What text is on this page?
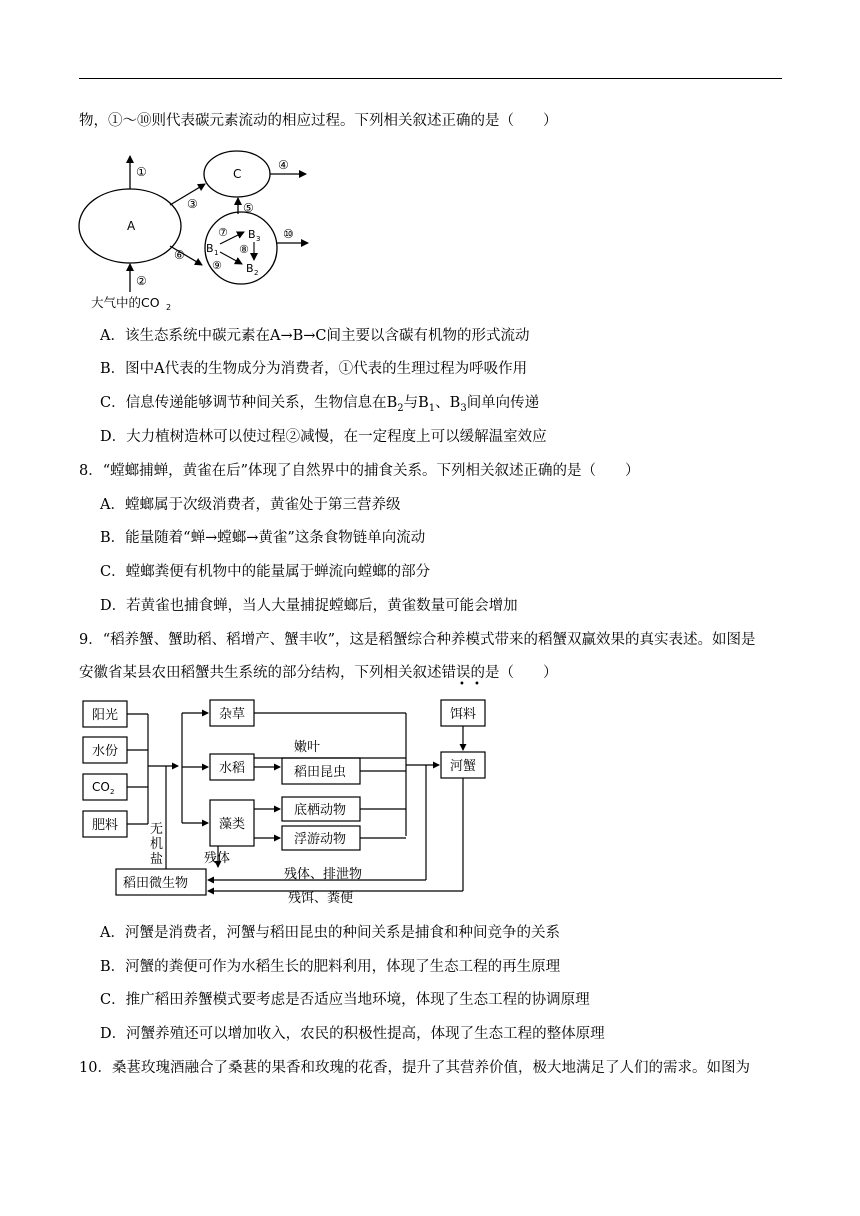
物，①～⑩则代表碳元素流动的相应过程。下列相关叙述正确的是（　　）
A
C
①
②
③
④
⑤
⑥
⑩
B 1
B 3
B 2
⑦
⑧
⑨
大气中的CO 2
A．该生态系统中碳元素在A→B→C间主要以含碳有机物的形式流动
B．图中A代表的生物成分为消费者，①代表的生理过程为呼吸作用
C．信息传递能够调节种间关系，生物信息在$B_2$与$B_1$、$B_3$间单向传递
D．大力植树造林可以使过程②减慢，在一定程度上可以缓解温室效应
8．“螳螂捕蝉，黄雀在后”体现了自然界中的捕食关系。下列相关叙述正确的是（　　）
A．螳螂属于次级消费者，黄雀处于第三营养级
B．能量随着“蝉→螳螂→黄雀”这条食物链单向流动
C．螳螂粪便有机物中的能量属于蝉流向螳螂的部分
D．若黄雀也捕食蝉，当人大量捕捉螳螂后，黄雀数量可能会增加
9．“稻养蟹、蟹助稻、稻增产、蟹丰收”，这是稻蟹综合种养模式带来的稻蟹双赢效果的真实表述。如图是
安徽省某县农田稻蟹共生系统的部分结构，下列相关叙述错误的是（　　）
• •
阳光
水份
CO 2
肥料
杂草
水稻
藻类
稻田昆虫
底栖动物
浮游动物
饵料
河蟹
稻田微生物
嫩叶
无
机
盐	残体
残体、排泄物
残饵、粪便
A．河蟹是消费者，河蟹与稻田昆虫的种间关系是捕食和种间竞争的关系
B．河蟹的粪便可作为水稻生长的肥料利用，体现了生态工程的再生原理
C．推广稻田养蟹模式要考虑是否适应当地环境，体现了生态工程的协调原理
D．河蟹养殖还可以增加收入，农民的积极性提高，体现了生态工程的整体原理
10．桑葚玫瑰酒融合了桑葚的果香和玫瑰的花香，提升了其营养价值，极大地满足了人们的需求。如图为
